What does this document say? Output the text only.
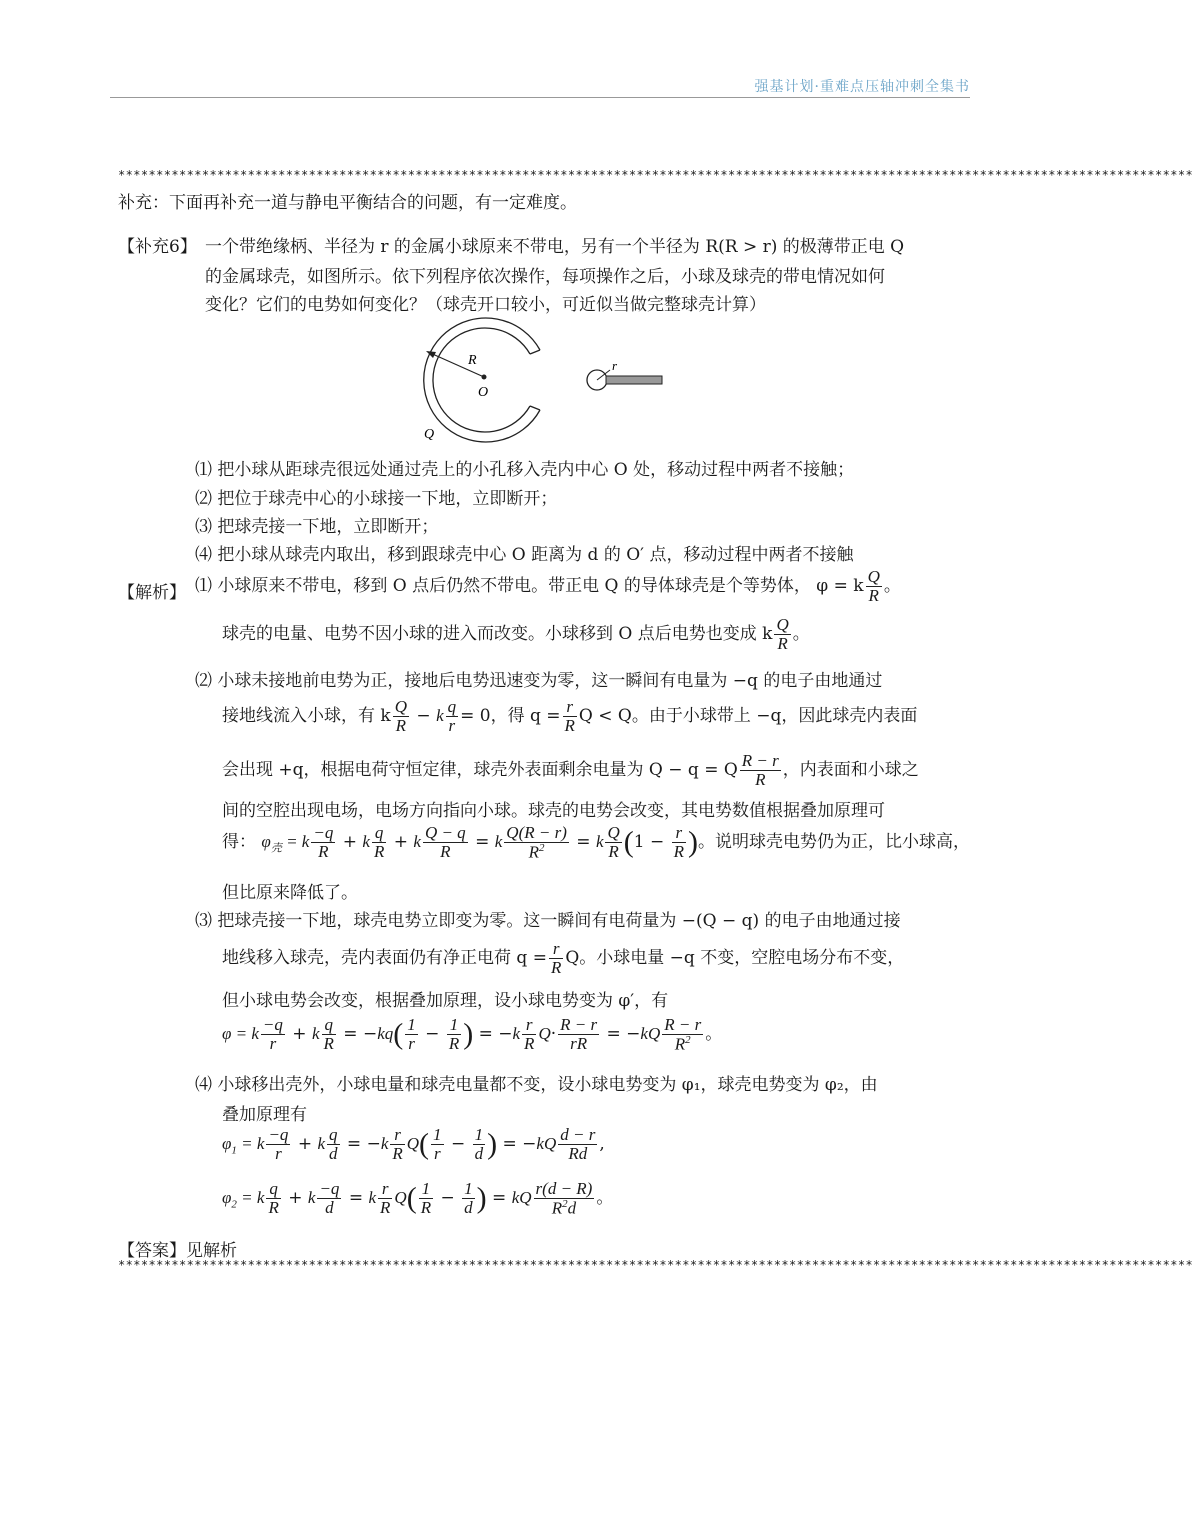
强基计划·重难点压轴冲刺全集书
*********************************************************************************************************************************************
补充：下面再补充一道与静电平衡结合的问题，有一定难度。
【补充6】 一个带绝缘柄、半径为 r 的金属小球原来不带电，另有一个半径为 R(R > r) 的极薄带正电 Q
的金属球壳，如图所示。依下列程序依次操作，每项操作之后，小球及球壳的带电情况如何
变化？它们的电势如何变化？（球壳开口较小，可近似当做完整球壳计算）
R
O
Q
r
⑴ 把小球从距球壳很远处通过壳上的小孔移入壳内中心 O 处，移动过程中两者不接触；
⑵ 把位于球壳中心的小球接一下地，立即断开；
⑶ 把球壳接一下地，立即断开；
⑷ 把小球从球壳内取出，移到跟球壳中心 O 距离为 d 的 O′ 点，移动过程中两者不接触
【解析】 ⑴ 小球原来不带电，移到 O 点后仍然不带电。带正电 Q 的导体球壳是个等势体， φ = k $\frac{Q}{R}$ 。
球壳的电量、电势不因小球的进入而改变。小球移到 O 点后电势也变成 k $\frac{Q}{R}$ 。
⑵ 小球未接地前电势为正，接地后电势迅速变为零，这一瞬间有电量为 −q 的电子由地通过
接地线流入小球，有 k $\frac{Q}{R} - k \frac{q}{r} = 0$，得 $q = \frac{r}{R}$ Q < Q。由于小球带上 −q，因此球壳内表面
会出现 +q，根据电荷守恒定律，球壳外表面剩余电量为 Q − q = Q $\frac{R - r}{R}$ ，内表面和小球之
间的空腔出现电场，电场方向指向小球。球壳的电势会改变，其电势数值根据叠加原理可
得： $\varphi_壳 = k \frac{-q}{R} + k \frac{q}{R} + k \frac{Q - q}{R} = k \frac{Q(R - r)}{R^2} = k \frac{Q}{R} (1 - \frac{r}{R}$ )。说明球壳电势仍为正，比小球高，
但比原来降低了。
⑶ 把球壳接一下地，球壳电势立即变为零。这一瞬间有电荷量为 −(Q − q) 的电子由地通过接
地线移入球壳，壳内表面仍有净正电荷 $q = \frac{r}{R}$ Q。小球电量 −q 不变，空腔电场分布不变，
但小球电势会改变，根据叠加原理，设小球电势变为 φ′，有
φ = k $\frac{-q}{r} + k \frac{q}{R} = -kq( \frac{1}{r} - \frac{1}{R}$ ) = $-k \frac{r}{R} Q\cdot \frac{R - r}{rR} = -kQ \frac{R - r}{R^2}$ 。
⑷ 小球移出壳外，小球电量和球壳电量都不变，设小球电势变为 φ₁，球壳电势变为 φ₂，由
叠加原理有
$\varphi_1 = k \frac{-q}{r} + k \frac{q}{d} = -k \frac{r}{R} Q( \frac{1}{r} - \frac{1}{d}$ ) = $-kQ \frac{d - r}{Rd}$ ,
$\varphi_2 = k \frac{q}{R} + k \frac{-q}{d} = k \frac{r}{R} Q( \frac{1}{R} - \frac{1}{d}$ ) = kQ $\frac{r(d - R)}{R^2d}$ 。
【答案】见解析
*********************************************************************************************************************************************
